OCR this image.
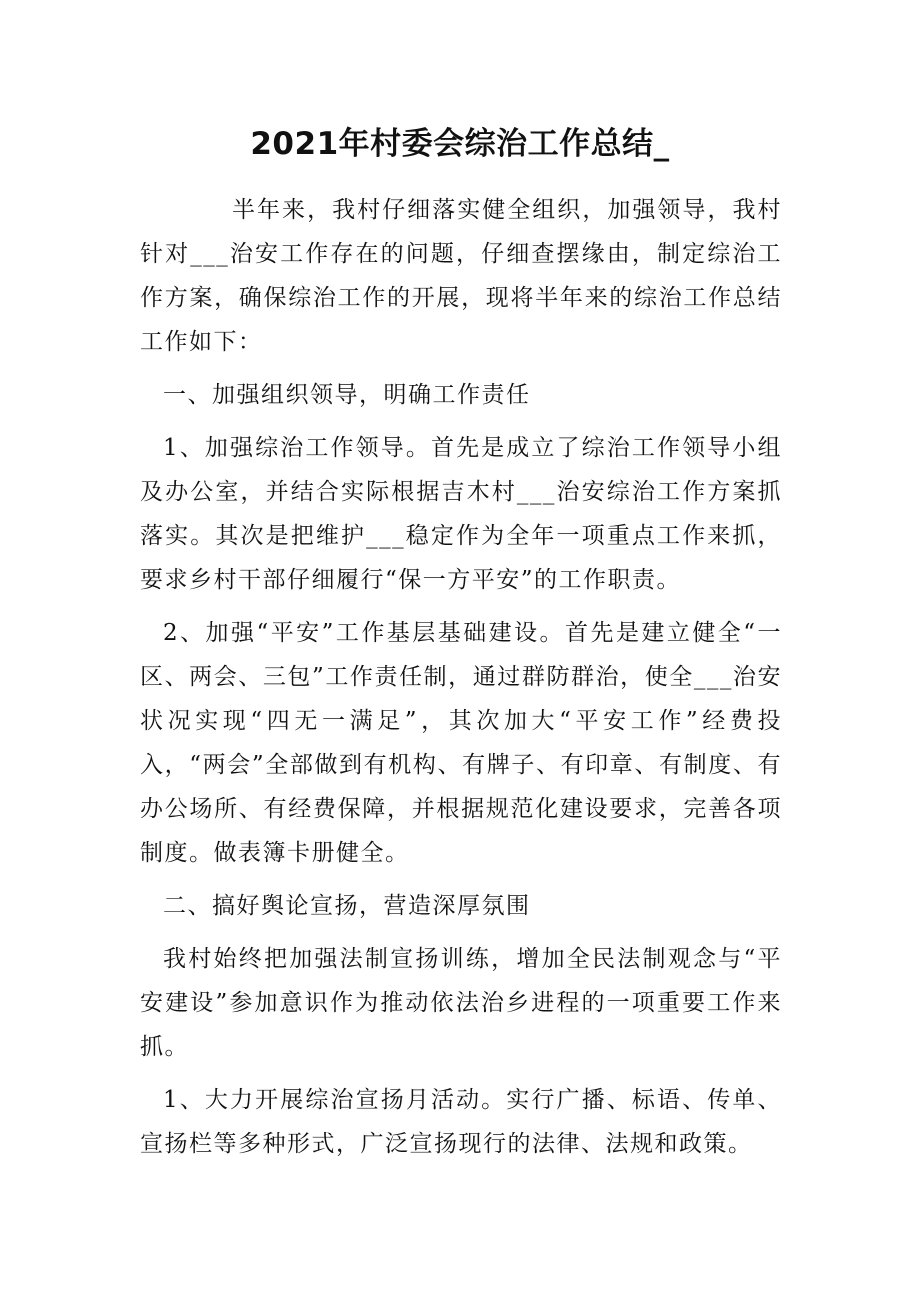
2021年村委会综治工作总结_

半年来，我村仔细落实健全组织，加强领导，我村针对___治安工作存在的问题，仔细查摆缘由，制定综治工作方案，确保综治工作的开展，现将半年来的综治工作总结工作如下：

一、加强组织领导，明确工作责任

1、加强综治工作领导。首先是成立了综治工作领导小组及办公室，并结合实际根据吉木村___治安综治工作方案抓落实。其次是把维护___稳定作为全年一项重点工作来抓，要求乡村干部仔细履行“保一方平安”的工作职责。

2、加强“平安”工作基层基础建设。首先是建立健全“一区、两会、三包”工作责任制，通过群防群治，使全___治安状况实现“四无一满足”，其次加大“平安工作”经费投入，“两会”全部做到有机构、有牌子、有印章、有制度、有办公场所、有经费保障，并根据规范化建设要求，完善各项制度。做表簿卡册健全。

二、搞好舆论宣扬，营造深厚氛围

我村始终把加强法制宣扬训练，增加全民法制观念与“平安建设”参加意识作为推动依法治乡进程的一项重要工作来抓。

1、大力开展综治宣扬月活动。实行广播、标语、传单、宣扬栏等多种形式，广泛宣扬现行的法律、法规和政策。
